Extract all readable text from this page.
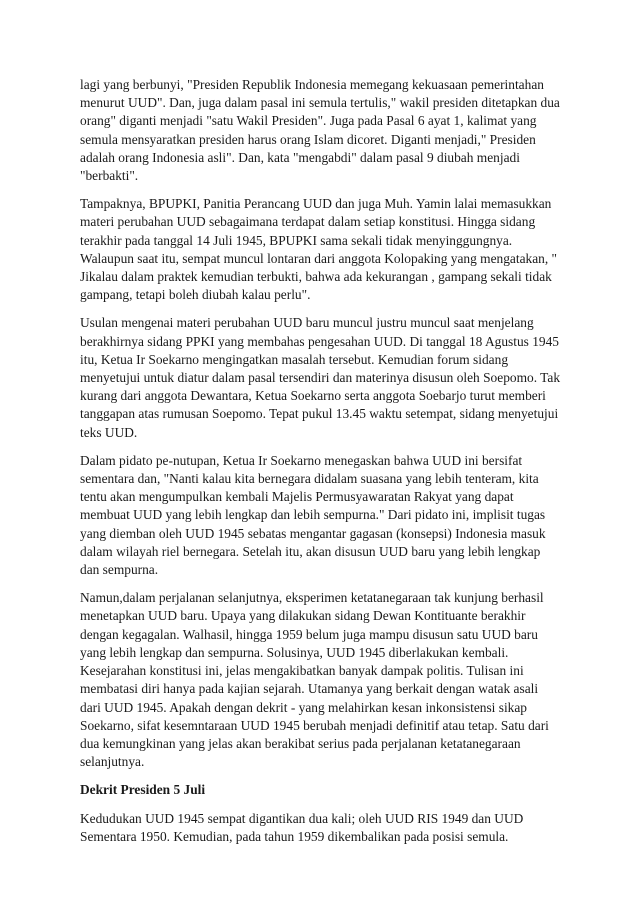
lagi yang berbunyi, "Presiden Republik Indonesia memegang kekuasaan pemerintahan menurut UUD". Dan, juga dalam pasal ini semula tertulis," wakil presiden ditetapkan dua orang" diganti menjadi "satu Wakil Presiden". Juga pada Pasal 6 ayat 1, kalimat yang semula mensyaratkan presiden harus orang Islam dicoret. Diganti menjadi," Presiden adalah orang Indonesia asli". Dan, kata "mengabdi" dalam pasal 9 diubah menjadi "berbakti".

Tampaknya, BPUPKI, Panitia Perancang UUD dan juga Muh. Yamin lalai memasukkan materi perubahan UUD sebagaimana terdapat dalam setiap konstitusi. Hingga sidang terakhir pada tanggal 14 Juli 1945, BPUPKI sama sekali tidak menyinggungnya. Walaupun saat itu, sempat muncul lontaran dari anggota Kolopaking yang mengatakan, " Jikalau dalam praktek kemudian terbukti, bahwa ada kekurangan , gampang sekali tidak gampang, tetapi boleh diubah kalau perlu".

Usulan mengenai materi perubahan UUD baru muncul justru muncul saat menjelang berakhirnya sidang PPKI yang membahas pengesahan UUD. Di tanggal 18 Agustus 1945 itu, Ketua Ir Soekarno mengingatkan masalah tersebut. Kemudian forum sidang menyetujui untuk diatur dalam pasal tersendiri dan materinya disusun oleh Soepomo. Tak kurang dari anggota Dewantara, Ketua Soekarno serta anggota Soebarjo turut memberi tanggapan atas rumusan Soepomo. Tepat pukul 13.45 waktu setempat, sidang menyetujui teks UUD.

Dalam pidato pe-nutupan, Ketua Ir Soekarno menegaskan bahwa UUD ini bersifat sementara dan, "Nanti kalau kita bernegara didalam suasana yang lebih tenteram, kita tentu akan mengumpulkan kembali Majelis Permusyawaratan Rakyat yang dapat membuat UUD yang lebih lengkap dan lebih sempurna." Dari pidato ini, implisit tugas yang diemban oleh UUD 1945 sebatas mengantar gagasan (konsepsi) Indonesia masuk dalam wilayah riel bernegara. Setelah itu, akan disusun UUD baru yang lebih lengkap dan sempurna.

Namun,dalam perjalanan selanjutnya, eksperimen ketatanegaraan tak kunjung berhasil menetapkan UUD baru. Upaya yang dilakukan sidang Dewan Kontituante berakhir dengan kegagalan. Walhasil, hingga 1959 belum juga mampu disusun satu UUD baru yang lebih lengkap dan sempurna. Solusinya, UUD 1945 diberlakukan kembali. Kesejarahan konstitusi ini, jelas mengakibatkan banyak dampak politis. Tulisan ini membatasi diri hanya pada kajian sejarah. Utamanya yang berkait dengan watak asali dari UUD 1945. Apakah dengan dekrit - yang melahirkan kesan inkonsistensi sikap Soekarno, sifat kesemntaraan UUD 1945 berubah menjadi definitif atau tetap. Satu dari dua kemungkinan yang jelas akan berakibat serius pada perjalanan ketatanegaraan selanjutnya.

Dekrit Presiden 5 Juli

Kedudukan UUD 1945 sempat digantikan dua kali; oleh UUD RIS 1949 dan UUD Sementara 1950. Kemudian, pada tahun 1959 dikembalikan pada posisi semula.
